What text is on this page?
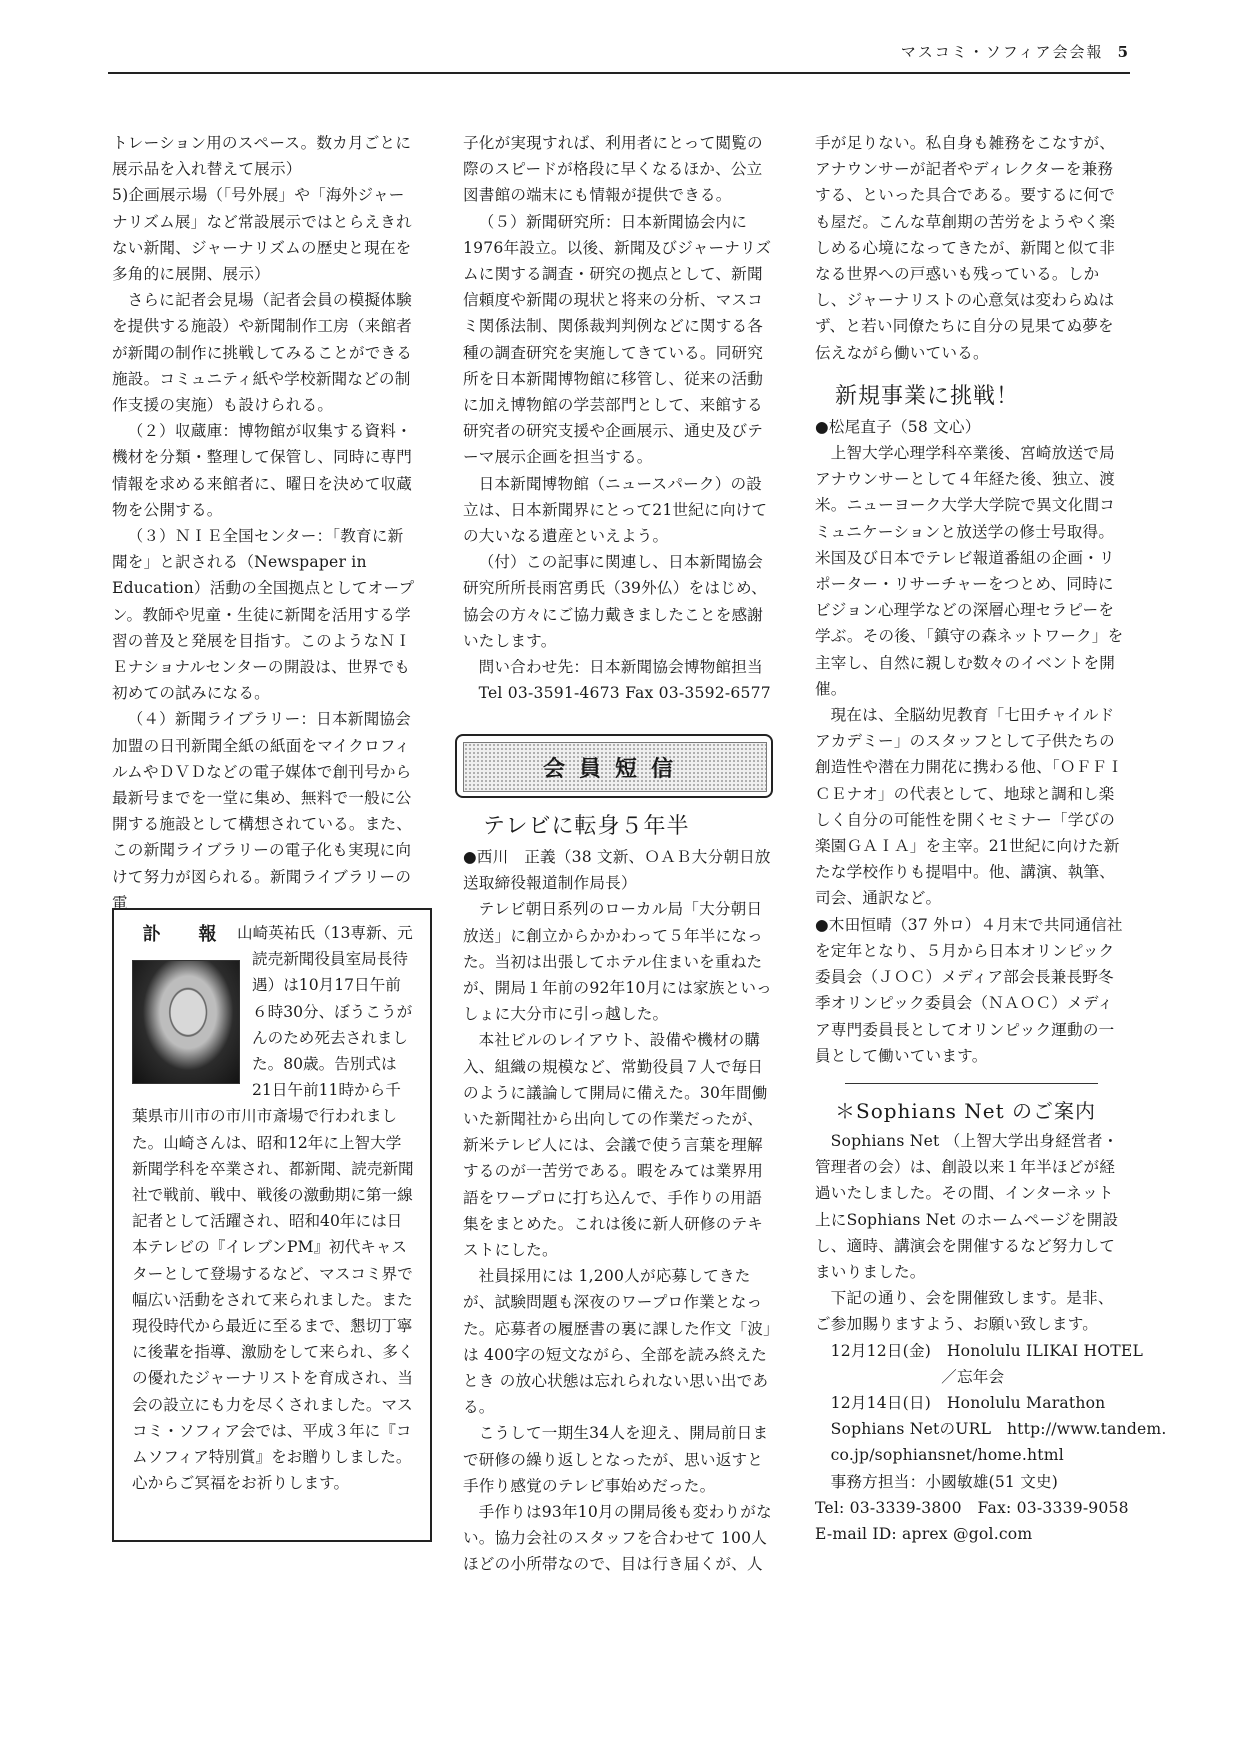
マスコミ・ソフィア会会報 5

トレーション用のスペース。数カ月ごとに展示品を入れ替えて展示）

5)企画展示場（「号外展」や「海外ジャーナリズム展」など常設展示ではとらえきれない新聞、ジャーナリズムの歴史と現在を多角的に展開、展示）

さらに記者会見場（記者会員の模擬体験を提供する施設）や新聞制作工房（来館者が新聞の制作に挑戦してみることができる施設。コミュニティ紙や学校新聞などの制作支援の実施）も設けられる。

（２）収蔵庫：博物館が収集する資料・機材を分類・整理して保管し、同時に専門情報を求める来館者に、曜日を決めて収蔵物を公開する。

（３）ＮＩＥ全国センター：「教育に新聞を」と訳される（Newspaper in Education）活動の全国拠点としてオープン。教師や児童・生徒に新聞を活用する学習の普及と発展を目指す。このようなＮＩＥナショナルセンターの開設は、世界でも初めての試みになる。

（４）新聞ライブラリー：日本新聞協会加盟の日刊新聞全紙の紙面をマイクロフィルムやＤＶＤなどの電子媒体で創刊号から最新号までを一堂に集め、無料で一般に公開する施設として構想されている。また、この新聞ライブラリーの電子化も実現に向けて努力が図られる。新聞ライブラリーの電

訃　報 山崎英祐氏（13専新、元読売新聞役員室局長待遇）は10月17日午前６時30分、ぼうこうがんのため死去されました。80歳。告別式は21日午前11時から千葉県市川市の市川市斎場で行われました。山崎さんは、昭和12年に上智大学新聞学科を卒業され、都新聞、読売新聞社で戦前、戦中、戦後の激動期に第一線記者として活躍され、昭和40年には日本テレビの『イレブンPM』初代キャスターとして登場するなど、マスコミ界で幅広い活動をされて来られました。また現役時代から最近に至るまで、懇切丁寧に後輩を指導、激励をして来られ、多くの優れたジャーナリストを育成され、当会の設立にも力を尽くされました。マスコミ・ソフィア会では、平成３年に『コムソフィア特別賞』をお贈りしました。心からご冥福をお祈りします。

子化が実現すれば、利用者にとって閲覧の際のスピードが格段に早くなるほか、公立図書館の端末にも情報が提供できる。

（５）新聞研究所：日本新聞協会内に1976年設立。以後、新聞及びジャーナリズムに関する調査・研究の拠点として、新聞信頼度や新聞の現状と将来の分析、マスコミ関係法制、関係裁判判例などに関する各種の調査研究を実施してきている。同研究所を日本新聞博物館に移管し、従来の活動に加え博物館の学芸部門として、来館する研究者の研究支援や企画展示、通史及びテーマ展示企画を担当する。

日本新聞博物館（ニュースパーク）の設立は、日本新聞界にとって21世紀に向けての大いなる遺産といえよう。

（付）この記事に関連し、日本新聞協会研究所所長雨宮勇氏（39外仏）をはじめ、協会の方々にご協力戴きましたことを感謝いたします。

問い合わせ先：日本新聞協会博物館担当

Tel 03-3591-4673 Fax 03-3592-6577

会員短信

テレビに転身５年半

●西川　正義（38 文新、ＯＡＢ大分朝日放送取締役報道制作局長）

テレビ朝日系列のローカル局「大分朝日放送」に創立からかかわって５年半になった。当初は出張してホテル住まいを重ねたが、開局１年前の92年10月には家族といっしょに大分市に引っ越した。

本社ビルのレイアウト、設備や機材の購入、組織の規模など、常勤役員７人で毎日のように議論して開局に備えた。30年間働いた新聞社から出向しての作業だったが、新米テレビ人には、会議で使う言葉を理解するのが一苦労である。暇をみては業界用語をワープロに打ち込んで、手作りの用語集をまとめた。これは後に新人研修のテキストにした。

社員採用には 1,200人が応募してきたが、試験問題も深夜のワープロ作業となった。応募者の履歴書の裏に課した作文「波」は 400字の短文ながら、全部を読み終えたとき の放心状態は忘れられない思い出である。

こうして一期生34人を迎え、開局前日まで研修の繰り返しとなったが、思い返すと手作り感覚のテレビ事始めだった。

手作りは93年10月の開局後も変わりがない。協力会社のスタッフを合わせて 100人ほどの小所帯なので、目は行き届くが、人

手が足りない。私自身も雑務をこなすが、アナウンサーが記者やディレクターを兼務する、といった具合である。要するに何でも屋だ。こんな草創期の苦労をようやく楽しめる心境になってきたが、新聞と似て非なる世界への戸惑いも残っている。しかし、ジャーナリストの心意気は変わらぬはず、と若い同僚たちに自分の見果てぬ夢を伝えながら働いている。

新規事業に挑戦！

●松尾直子（58 文心）

上智大学心理学科卒業後、宮崎放送で局アナウンサーとして４年経た後、独立、渡米。ニューヨーク大学大学院で異文化間コミュニケーションと放送学の修士号取得。米国及び日本でテレビ報道番組の企画・リポーター・リサーチャーをつとめ、同時にビジョン心理学などの深層心理セラピーを学ぶ。その後、「鎮守の森ネットワーク」を主宰し、自然に親しむ数々のイベントを開催。

現在は、全脳幼児教育「七田チャイルドアカデミー」のスタッフとして子供たちの創造性や潜在力開花に携わる他、「ＯＦＦＩＣＥナオ」の代表として、地球と調和し楽しく自分の可能性を開くセミナー「学びの楽園ＧＡＩＡ」を主宰。21世紀に向けた新たな学校作りも提唱中。他、講演、執筆、司会、通訳など。

●木田恒晴（37 外ロ）４月末で共同通信社を定年となり、５月から日本オリンピック委員会（ＪＯＣ）メディア部会長兼長野冬季オリンピック委員会（ＮＡＯＣ）メディア専門委員長としてオリンピック運動の一員として働いています。

＊Sophians Net のご案内

Sophians Net （上智大学出身経営者・管理者の会）は、創設以来１年半ほどが経過いたしました。その間、インターネット上にSophians Net のホームページを開設し、適時、講演会を開催するなど努力してまいりました。

下記の通り、会を開催致します。是非、ご参加賜りますよう、お願い致します。

12月12日(金)　Honolulu ILIKAI HOTEL

　　　　　　　／忘年会

12月14日(日)　Honolulu Marathon

Sophians NetのURL　http://www.tandem.

co.jp/sophiansnet/home.html

事務方担当：小國敏雄(51 文史)

Tel: 03-3339-3800　Fax: 03-3339-9058

E-mail ID: aprex @gol.com
